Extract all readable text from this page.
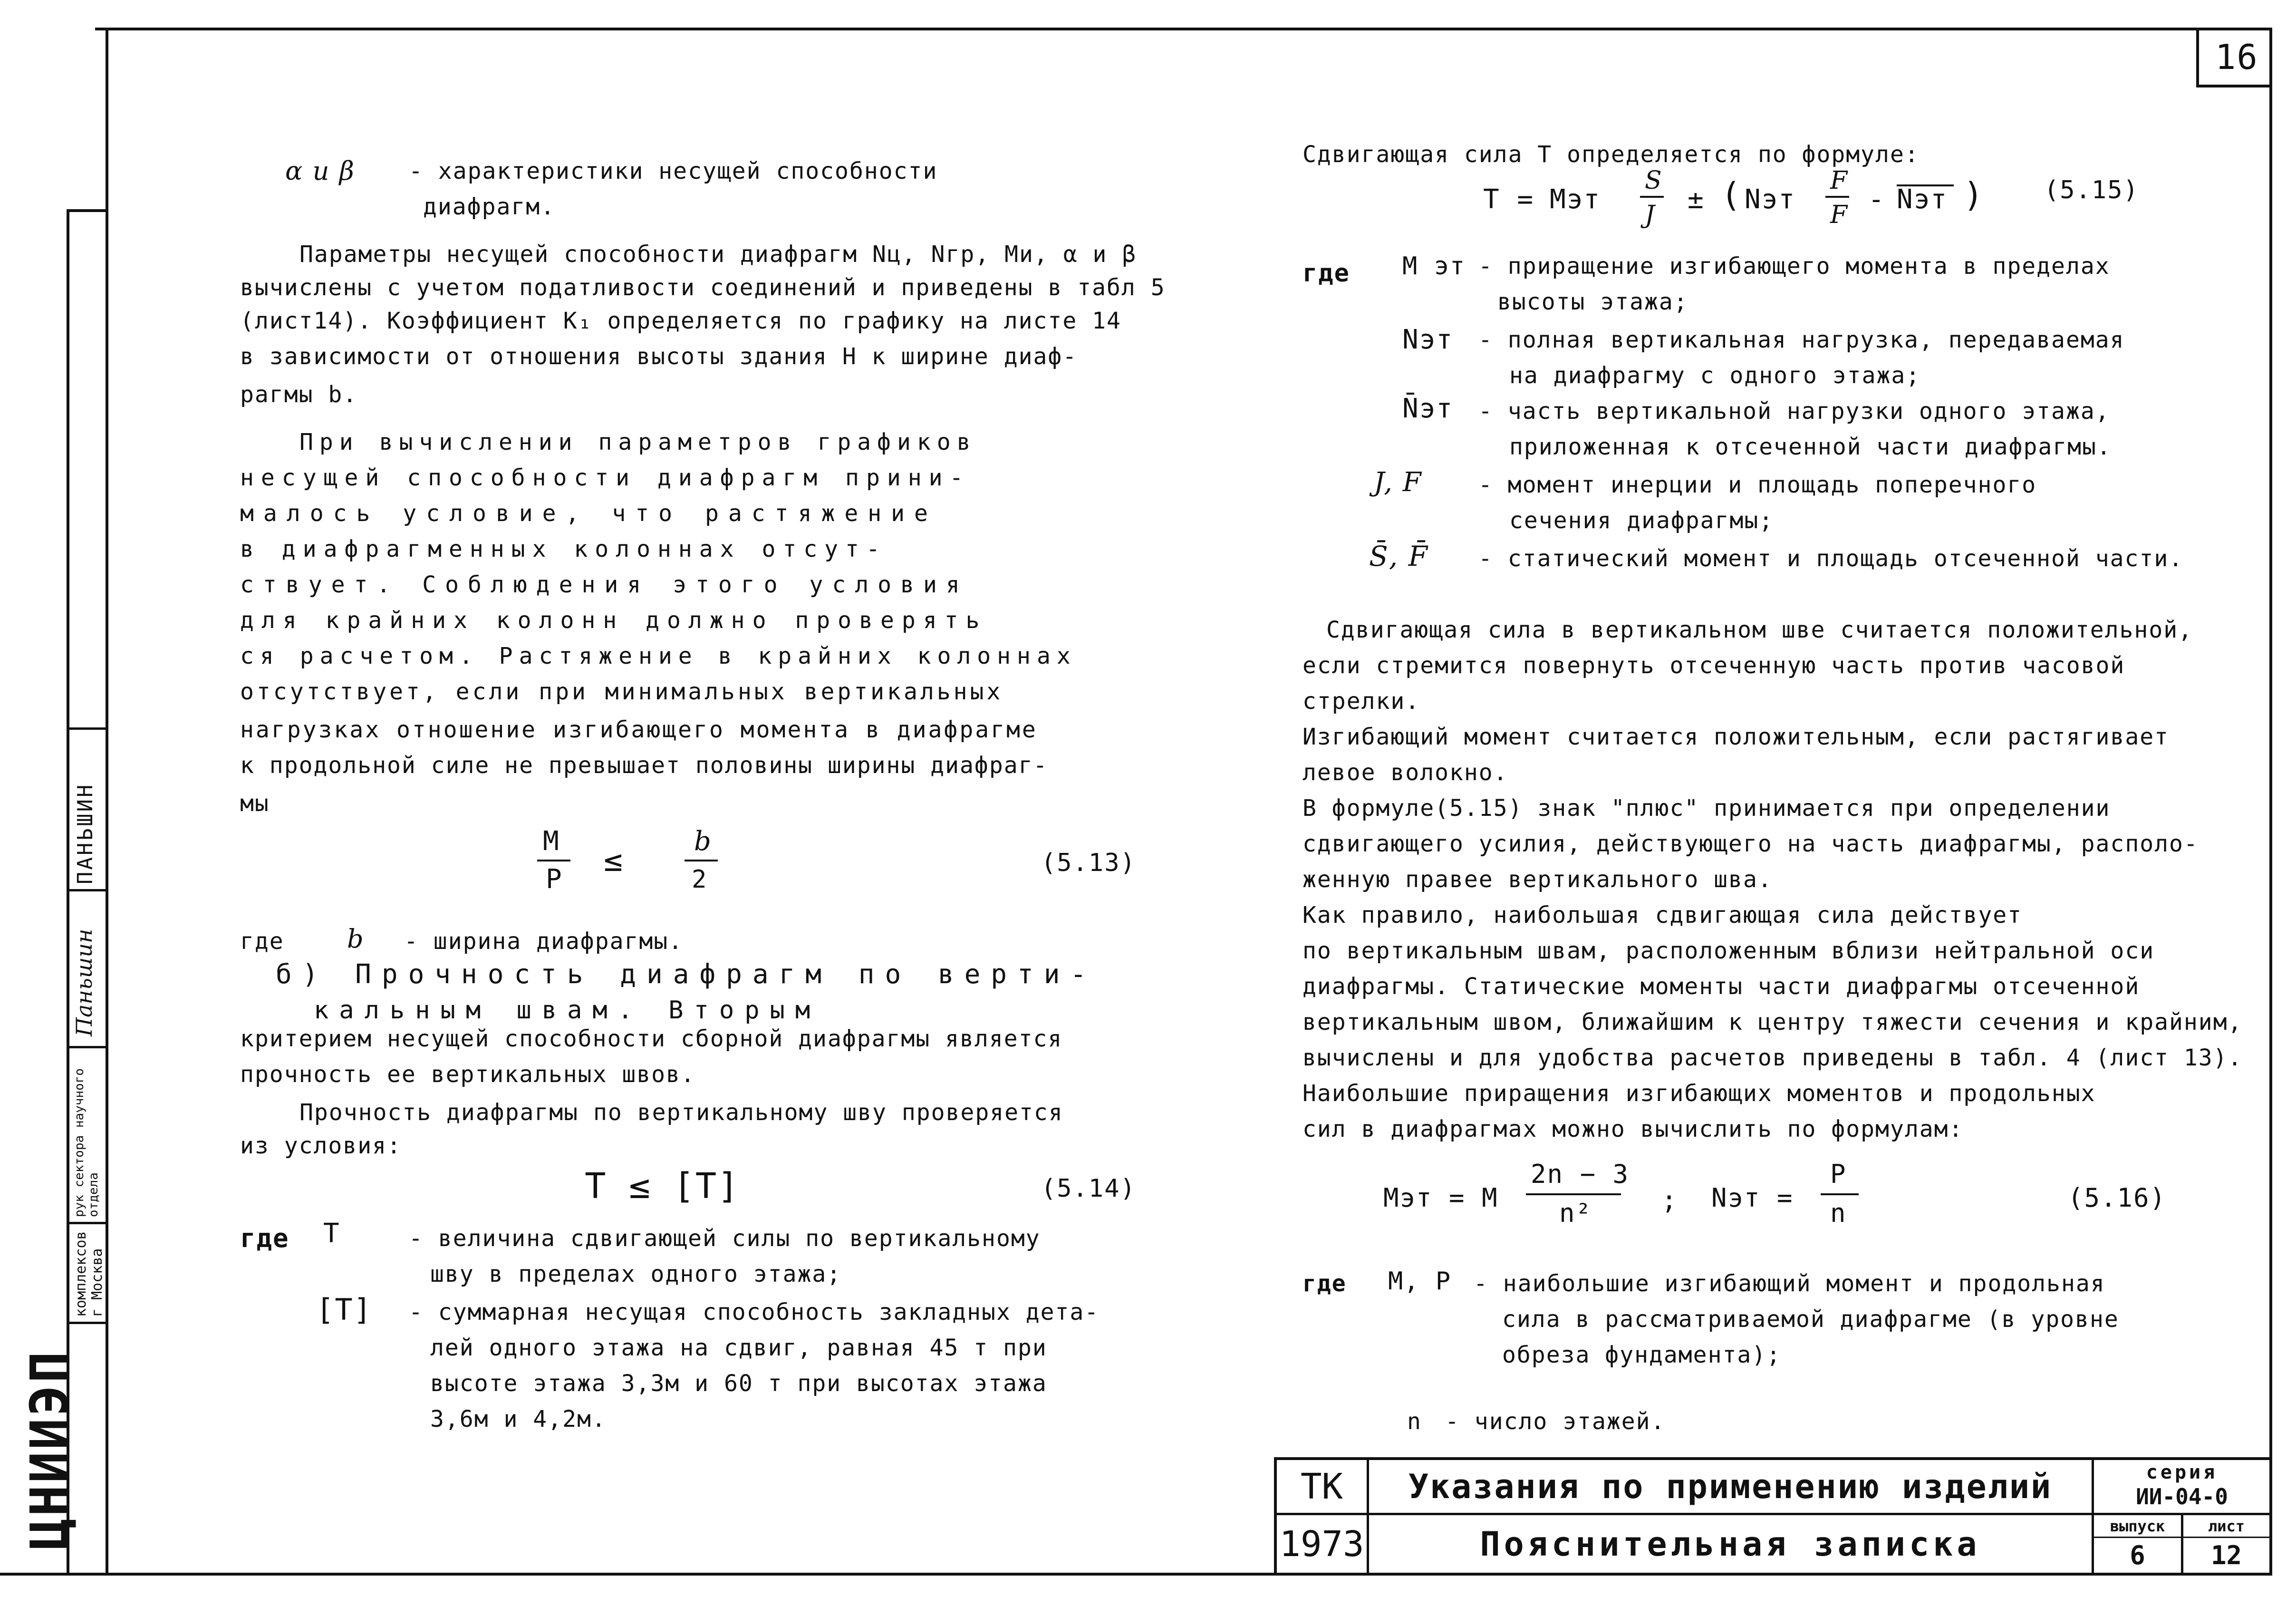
16
ЦНИИЭП
комплексов г Москва
рук сектора научного отдела
Паньшин
ПАНЬШИН
α и β - характеристики несущей способности
диафрагм.
Параметры несущей способности диафрагм Nц, Nгр, Mи, α и β
вычислены с учетом податливости соединений и приведены в табл 5
(лист14). Коэффициент K₁ определяется по графику на листе 14
в зависимости от отношения высоты здания H к ширине диаф-
рагмы b.
При вычислении параметров графиков
несущей способности диафрагм прини-
малось условие, что растяжение
в диафрагменных колоннах отсут-
ствует. Соблюдения этого условия
для крайних колонн должно проверять
ся расчетом. Растяжение в крайних колоннах
отсутствует, если при минимальных вертикальных
нагрузках отношение изгибающего момента в диафрагме
к продольной силе не превышает половины ширины диафраг-
мы
M
P
≤
b
2
(5.13)
где b - ширина диафрагмы.
б) Прочность диафрагм по верти-
кальным швам. Вторым
критерием несущей способности сборной диафрагмы является
прочность ее вертикальных швов.
Прочность диафрагмы по вертикальному шву проверяется
из условия:
T ≤ [T]	(5.14)
где T	- величина сдвигающей силы по вертикальному
шву в пределах одного этажа;
[T] - суммарная несущая способность закладных дета-
лей одного этажа на сдвиг, равная 45 т при
высоте этажа 3,3м и 60 т при высотах этажа
3,6м и 4,2м.
Сдвигающая сила T определяется по формуле:
T = Mэт
S
J ± ( Nэт
F
F - Nэт ) (5.15)
где M эт - приращение изгибающего момента в пределах
высоты этажа;
Nэт - полная вертикальная нагрузка, передаваемая
на диафрагму с одного этажа;
N̄эт - часть вертикальной нагрузки одного этажа,
приложенная к отсеченной части диафрагмы.
J, F - момент инерции и площадь поперечного
сечения диафрагмы;
S̄, F̄ - статический момент и площадь отсеченной части.
Сдвигающая сила в вертикальном шве считается положительной,
если стремится повернуть отсеченную часть против часовой
стрелки.
Изгибающий момент считается положительным, если растягивает
левое волокно.
В формуле(5.15) знак "плюс" принимается при определении
сдвигающего усилия, действующего на часть диафрагмы, располо-
женную правее вертикального шва.
Как правило, наибольшая сдвигающая сила действует
по вертикальным швам, расположенным вблизи нейтральной оси
диафрагмы. Статические моменты части диафрагмы отсеченной
вертикальным швом, ближайшим к центру тяжести сечения и крайним,
вычислены и для удобства расчетов приведены в табл. 4 (лист 13).
Наибольшие приращения изгибающих моментов и продольных
сил в диафрагмах можно вычислить по формулам:
Mэт = M
2n − 3
n²	; Nэт =
P
n
(5.16)
где M, P - наибольшие изгибающий момент и продольная
сила в рассматриваемой диафрагме (в уровне
обреза фундамента);
n - число этажей.
ТК
1973
Указания по применению изделий
Пояснительная записка
серия
ИИ-04-0
выпуск
6
лист
12
